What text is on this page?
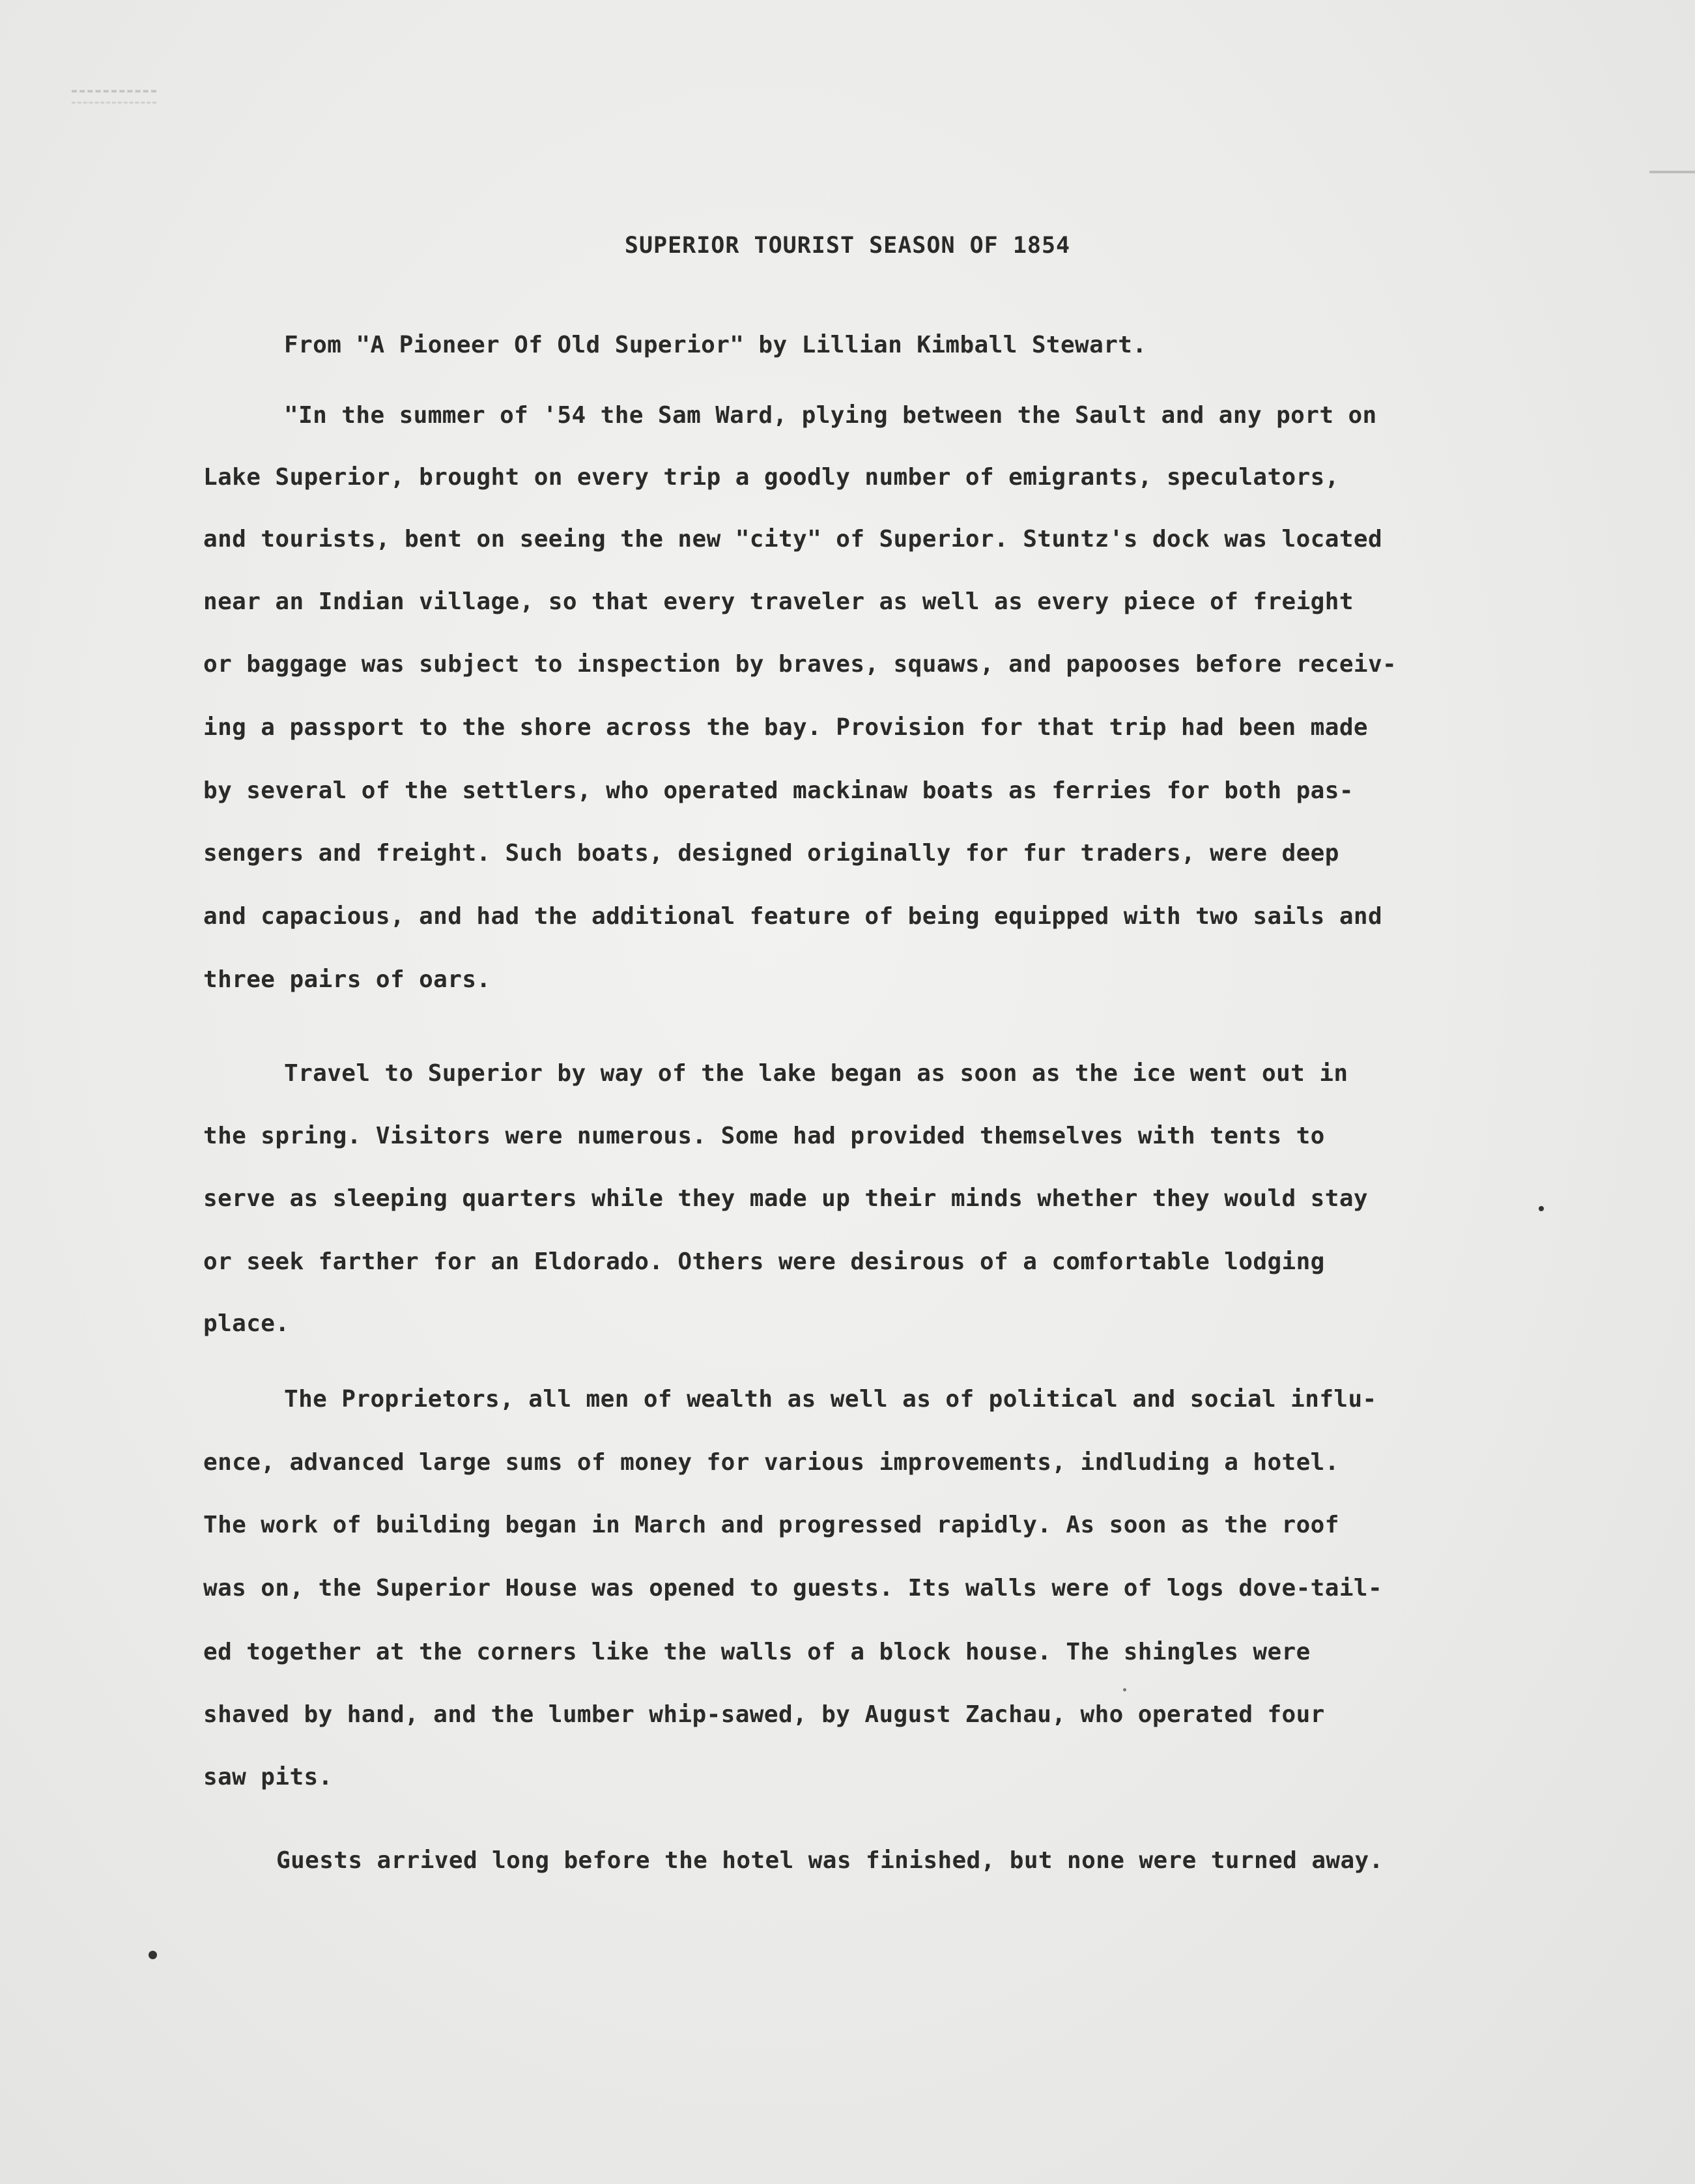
SUPERIOR TOURIST SEASON OF 1854
From "A Pioneer Of Old Superior" by Lillian Kimball Stewart.
"In the summer of '54 the Sam Ward, plying between the Sault and any port on
Lake Superior, brought on every trip a goodly number of emigrants, speculators,
and tourists, bent on seeing the new "city" of Superior. Stuntz's dock was located
near an Indian village, so that every traveler as well as every piece of freight
or baggage was subject to inspection by braves, squaws, and papooses before receiv-
ing a passport to the shore across the bay. Provision for that trip had been made
by several of the settlers, who operated mackinaw boats as ferries for both pas-
sengers and freight. Such boats, designed originally for fur traders, were deep
and capacious, and had the additional feature of being equipped with two sails and
three pairs of oars.
Travel to Superior by way of the lake began as soon as the ice went out in
the spring. Visitors were numerous. Some had provided themselves with tents to
serve as sleeping quarters while they made up their minds whether they would stay
or seek farther for an Eldorado. Others were desirous of a comfortable lodging
place.
The Proprietors, all men of wealth as well as of political and social influ-
ence, advanced large sums of money for various improvements, indluding a hotel.
The work of building began in March and progressed rapidly. As soon as the roof
was on, the Superior House was opened to guests. Its walls were of logs dove-tail-
ed together at the corners like the walls of a block house. The shingles were
shaved by hand, and the lumber whip-sawed, by August Zachau, who operated four
saw pits.
Guests arrived long before the hotel was finished, but none were turned away.
